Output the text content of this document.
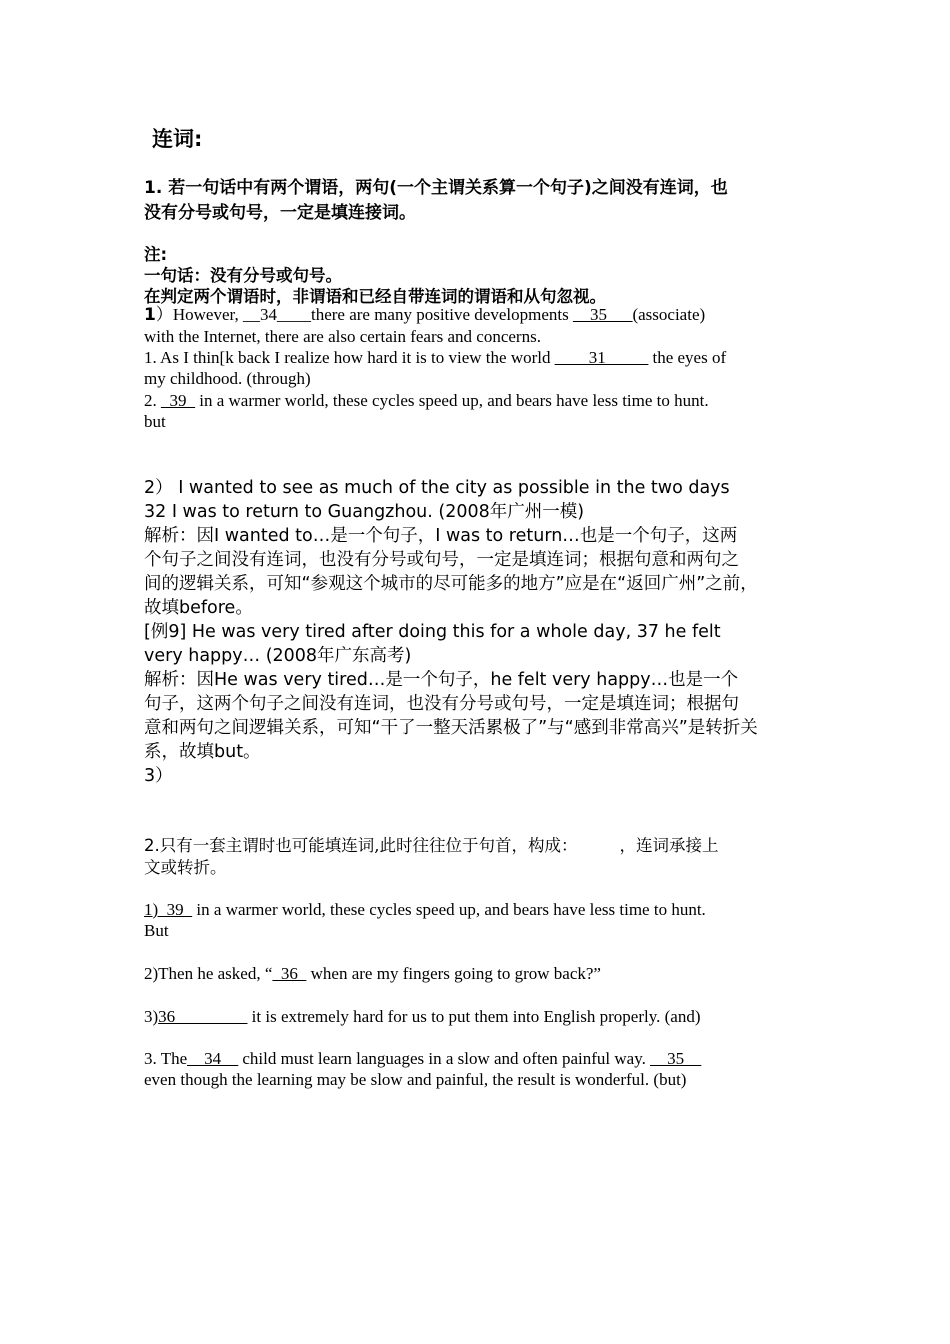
连词:
1. 若一句话中有两个谓语，两句(一个主谓关系算一个句子)之间没有连词，也
没有分号或句号，一定是填连接词。
注:
一句话：没有分号或句号。
在判定两个谓语时，非谓语和已经自带连词的谓语和从句忽视。
1）However, __34____there are many positive developments __35___(associate)
with the Internet, there are also certain fears and concerns.
1. As I thin[k back I realize how hard it is to view the world ____31_____ the eyes of
my childhood. (through)
2. _39_ in a warmer world, these cycles speed up, and bears have less time to hunt.
but
2） I wanted to see as much of the city as possible in the two days
32 I was to return to Guangzhou. (2008年广州一模)
解析：因I wanted to…是一个句子，I was to return…也是一个句子，这两
个句子之间没有连词，也没有分号或句号，一定是填连词；根据句意和两句之
间的逻辑关系，可知“参观这个城市的尽可能多的地方”应是在“返回广州”之前，
故填before。
[例9] He was very tired after doing this for a whole day, 37 he felt
very happy… (2008年广东高考)
解析：因He was very tired…是一个句子，he felt very happy…也是一个
句子，这两个句子之间没有连词，也没有分号或句号，一定是填连词；根据句
意和两句之间逻辑关系，可知“干了一整天活累极了”与“感到非常高兴”是转折关
系，故填but。
3）
2.只有一套主谓时也可能填连词,此时往往位于句首，构成：	，连词承接上
文或转折。
1)  39   in a warmer world, these cycles speed up, and bears have less time to hunt.
But
2)Then he asked, “  36   when are my fingers going to grow back?”
3)36 ________ it is extremely hard for us to put them into English properly. (and)
3. The__34__ child must learn languages in a slow and often painful way. __35__
even though the learning may be slow and painful, the result is wonderful. (but)
